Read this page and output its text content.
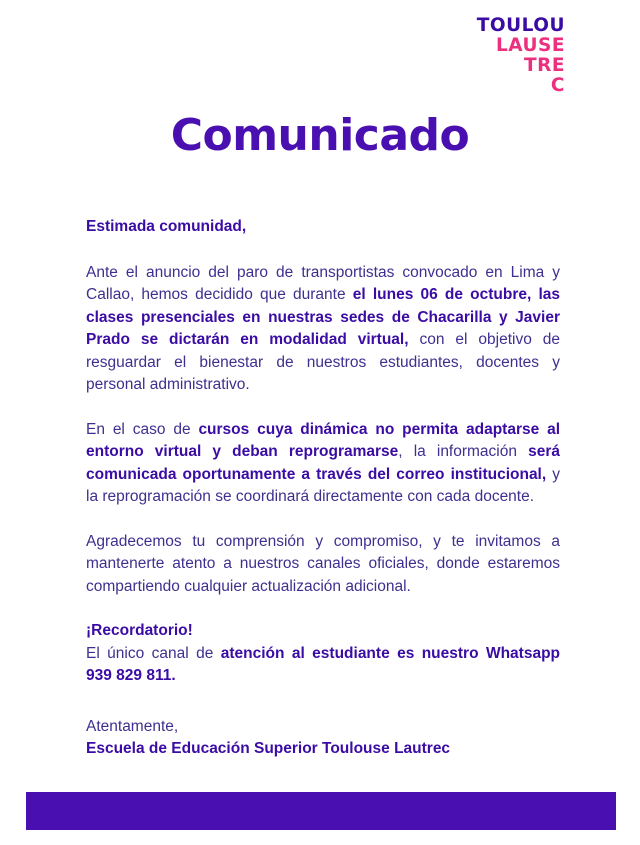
TOULOU
LAUSE
TRE
C
Comunicado

Estimada comunidad,

Ante el anuncio del paro de transportistas convocado en Lima y Callao, hemos decidido que durante el lunes 06 de octubre, las clases presenciales en nuestras sedes de Chacarilla y Javier Prado se dictarán en modalidad virtual, con el objetivo de resguardar el bienestar de nuestros estudiantes, docentes y personal administrativo.

En el caso de cursos cuya dinámica no permita adaptarse al entorno virtual y deban reprogramarse, la información será comunicada oportunamente a través del correo institucional, y la reprogramación se coordinará directamente con cada docente.

Agradecemos tu comprensión y compromiso, y te invitamos a mantenerte atento a nuestros canales oficiales, donde estaremos compartiendo cualquier actualización adicional.

¡Recordatorio!
El único canal de atención al estudiante es nuestro Whatsapp 939 829 811.

Atentamente,
Escuela de Educación Superior Toulouse Lautrec
